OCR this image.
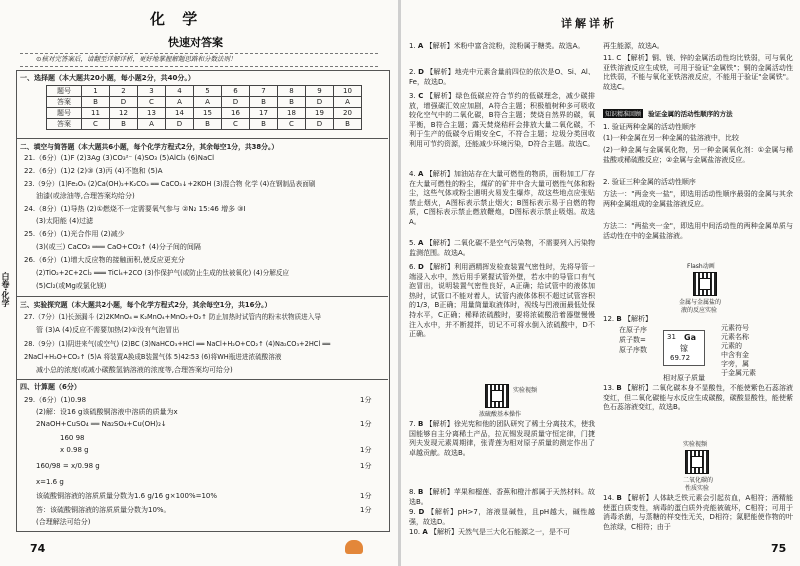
化 学
快速对答案
⊙核对完答案后，请翻至详解详析，更好地掌握解题思路和分数法则！
白卷·化学
一、选择题（本大题共20小题，每小题2分，共40分。）
题号	1	2	3	4	5	6	7	8	9	10
答案	B	D	C	A	A	D	B	B	D	A
题号	11	12	13	14	15	16	17	18	19	20
答案	C	B	A	D	B	C	B	C	D	B
二、填空与简答题（本大题共6小题，每个化学方程式2分，其余每空1分，共38分。）
21.（6分）(1)F (2)3Ag (3)CO₃²⁻ (4)SO₃ (5)AlCl₃ (6)NaCl
22.（6分）(1)2 (2)③ (3)丙 (4)不饱和 (5)A
23.（9分）(1)Fe₂O₃ (2)Ca(OH)₂+K₂CO₃ ══ CaCO₃↓+2KOH (3)混合物 化学 (4)在钢制品表面刷
油漆(或涂油等,合理答案均给分)
24.（8分）(1)导热 (2)①燃烧不一定需要氧气参与 ②N₂ 15:46 增多 ③I
(3)太阳能 (4)过滤
25.（6分）(1)光合作用 (2)减少
(3)(或三) CaCO₃ ═══ CaO+CO₂↑ (4)分子间的间隔
26.（6分）(1)增大反应物的接触面积,使反应更充分
(2)TiO₂+2C+2Cl₂ ═══ TiCl₄+2CO (3)作保护气(或防止生成的钛被氧化) (4)分解反应
(5)Cl₂(或Mg或氯化镁)
三、实验探究题（本大题共2小题，每个化学方程式2分，其余每空1分，共16分。）
27.（7分）(1)长颈漏斗 (2)2KMnO₄ ═ K₂MnO₄+MnO₂+O₂↑ 防止加热时试管内的粉末状物质进入导
管 (3)A (4)反应不需要加热(2)①没有气泡冒出
28.（9分）(1)阴进来气(或空气) (2)BC (3)NaHCO₃+HCl ══ NaCl+H₂O+CO₂↑ (4)Na₂CO₃+2HCl ══
2NaCl+H₂O+CO₂↑ (5)A 将装置A换成B装置气体 5)42∶53 (6)将WH瓶进进浓硫酸溶液
减小总的浓度(或减小碳酸氢钠溶液的浓度等,合理答案均可给分)
四、计算题（6分）
29.（6分）(1)0.98
(2)解：设16 g该硫酸铜溶液中溶质的质量为x
2NaOH+CuSO₄ ══ Na₂SO₄+Cu(OH)₂↓
160 98
x 0.98 g
160/98 = x/0.98 g
x=1.6 g
该硫酸铜溶液的溶质质量分数为1.6 g/16 g×100%=10%
答：该硫酸铜溶液的溶质质量分数为10%。
(合理解法可给分)
1分
1分
1分
1分
1分
1分
74
详解详析
1. A 【解析】米粉中富含淀粉，淀粉属于糖类。故选A。
2. D 【解析】地壳中元素含量前四位的依次是O、Si、Al、Fe，故选D。
3. C 【解析】绿色低碳应符合节约的低碳理念，减少碳排放，增强碳汇效应加剧，A符合主题；积极植树种多可吸收较化空气中的二氧化碳，B符合主题；焚烧自然界的碳，氧平衡，B符合主题；露天焚烧秸秆会排放大量二氧化碳，不利于生产的低碳令后期安全C，不符合主题；垃圾分类回收利用可节约资源，还能减少环境污染，D符合主题。故选C。
4. A 【解析】加油站存在大量可燃性的物质，面粉加工厂存在大量可燃性的粉尘，煤矿的矿井中含大量可燃性气体和粉尘，这些气体或粉尘遇明火易发生爆炸，故这些地点应张贴禁止烟火，A图标表示禁止烟火；B图标表示易于自燃的物质，C图标表示禁止燃放鞭炮，D图标表示禁止吸烟。故选A。
5. A 【解析】二氧化碳不是空气污染物，不需要列入污染物监测范围。故选A。
6. D 【解析】利用酒精挥发检查装置气密性时，先将导管一端浸入水中，然后用手紧握试管外壁，若水中的导管口有气泡冒出，说明装置气密性良好，A正确；给试管中的液体加热时，试管口不能对着人，试管内液体体积不超过试管容积的1/3，B正确；用量筒量取液体时，视线与凹液面最低处保持水平，C正确；稀释浓硫酸时，要将浓硫酸沿着器壁慢慢注入水中，并不断搅拌，切记不可将水倒入浓硫酸中，D不正确。
实验视频
浓硫酸基本操作
7. B 【解析】徐光宪和他的团队研究了稀土分离技术，使我国能够自主分离稀土产品，拉瓦锡发现质量守恒定律，门捷列夫发现元素周期律，张青莲为相对原子质量的测定作出了卓越贡献。故选B。
8. B 【解析】苹果和榴莲、香蕉和橙汁都属于天然材料。故选B。
9. D 【解析】pH>7，溶液显碱性，且pH越大，碱性越强，故选D。
10. A 【解析】天然气是三大化石能源之一，是不可
再生能源，故选A。
11. C 【解析】铜、镁、锌的金属活动性均比铁弱，可与氧化亚铁溶液反应生成铁，可用于验证"金属铁"；铜的金属活动性比铁弱，不能与氧化亚铁溶液反应，不能用于验证"金属铁"。故选C。
知识精准回顾 验证金属的活动性顺序的方法
1. 验证两种金属的活动性顺序
(1)一种金属在另一种金属的盐溶液中，比较
(2)一种金属与金属氧化物，另一种金属氧化剂：①金属与稀盐酸或稀硫酸反应；②金属与金属盐溶液反应。
2. 验证三种金属的活动性顺序
方法一："两金夹一盐"，即选用活动性顺序最弱的金属与其余两种金属组成的金属盐溶液反应。
方法二："两盐夹一金"，即选用中间活动性的两种金属单质与活动性在中的金属盐溶液。
Flash动画
金属与金属盐的
液的反应实验
12. B 【解析】
在原子序
质子数=
原子序数
31 Ga
镓
69.72
元素符号
元素名称
元素的
中含有金
字旁，属
于金属元素
相对原子质量
13. B 【解析】二氧化碳本身不显酸性，不能使紫色石蕊溶液变红，但二氧化碳能与水反应生成碳酸，碳酸显酸性，能使紫色石蕊溶液变红，故选B。
实验视频
二氧化碳的
性质实验
14. B 【解析】人体缺乏铁元素会引起贫血，A相符；酒精能使蛋白质变性，病毒的蛋白质外壳能被破坏，C相符；可用于消毒杀菌，与蒸糖的样变性无关，D相符；氮肥能使作物的叶色浓绿，C相符；由于
75
